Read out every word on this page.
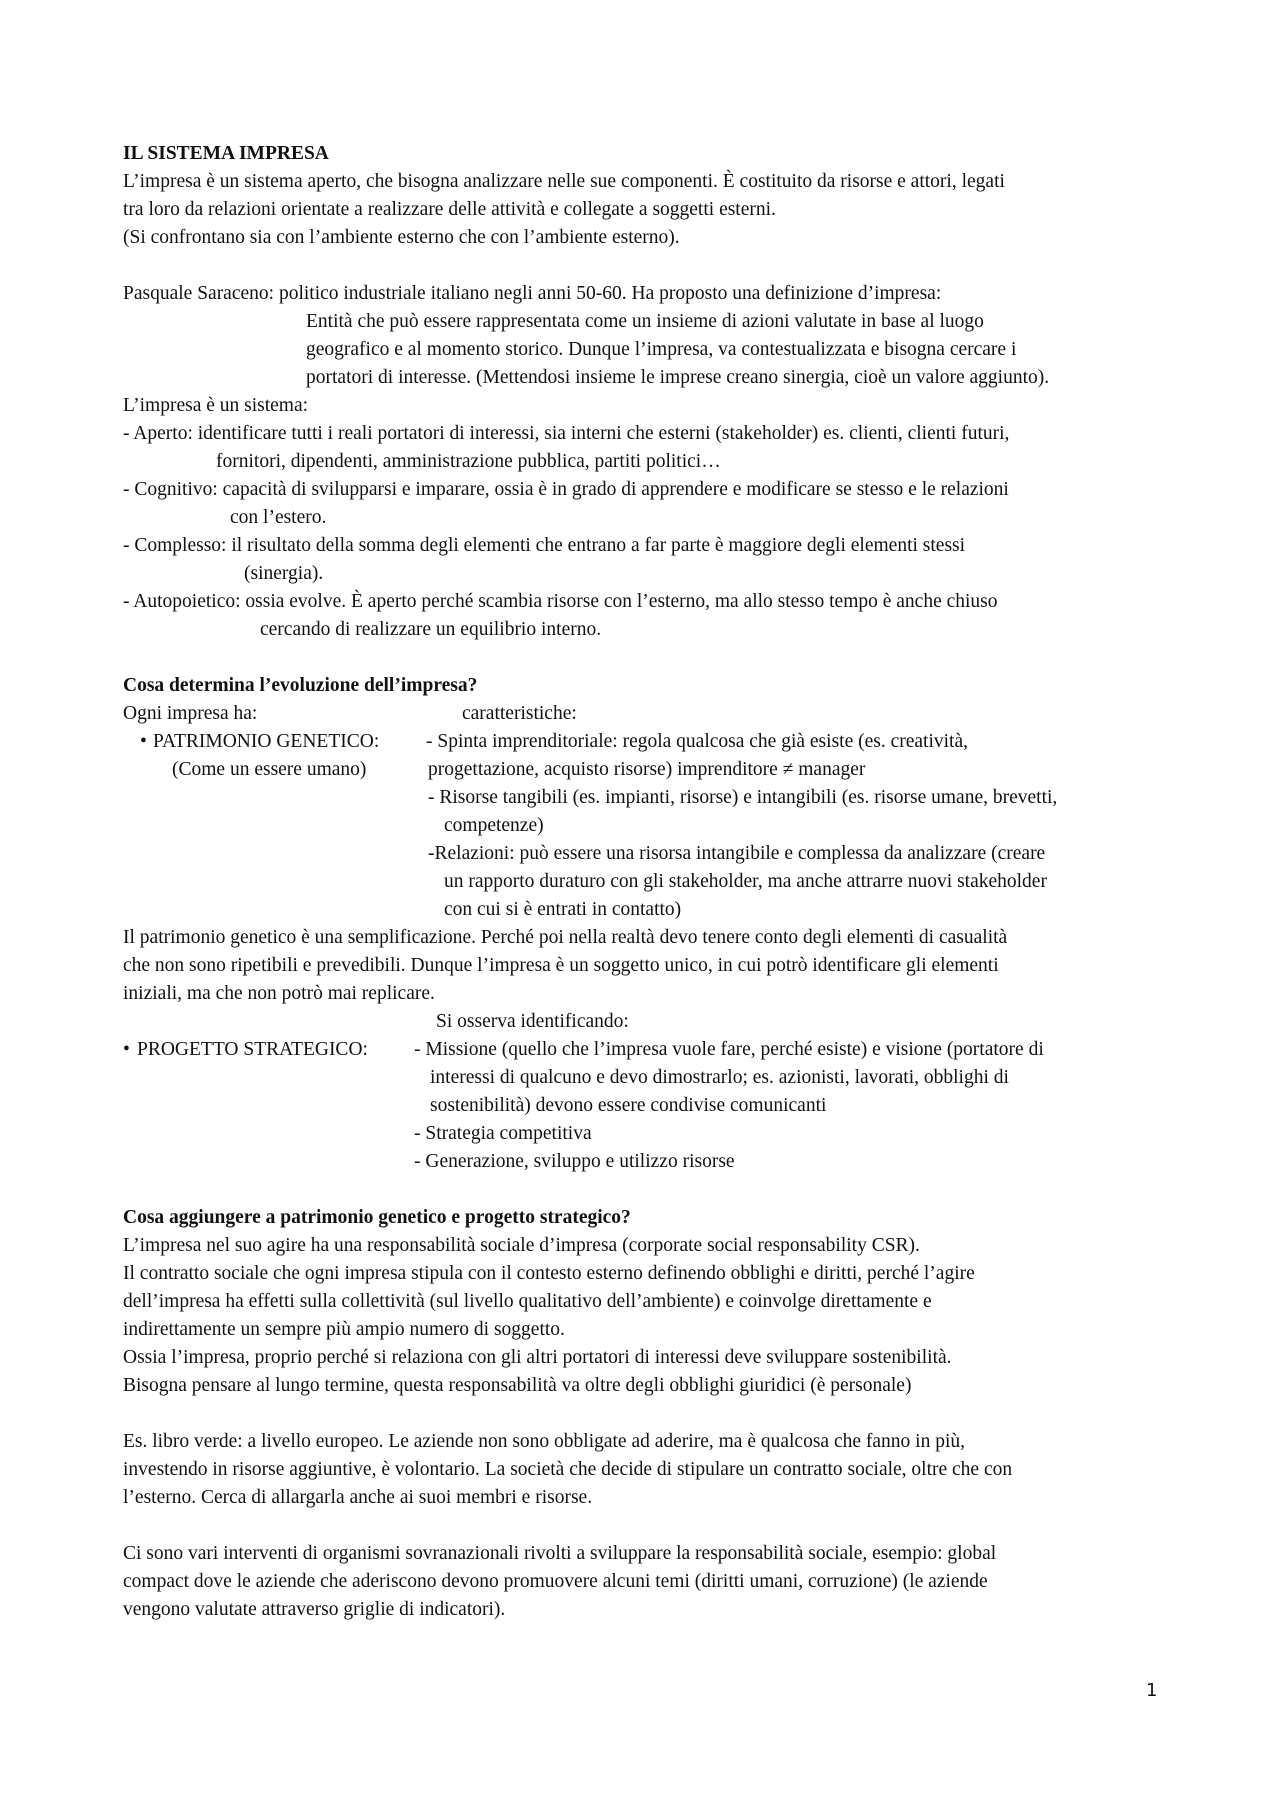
IL SISTEMA IMPRESA
L’impresa è un sistema aperto, che bisogna analizzare nelle sue componenti. È costituito da risorse e attori, legati
tra loro da relazioni orientate a realizzare delle attività e collegate a soggetti esterni.
(Si confrontano sia con l’ambiente esterno che con l’ambiente esterno).
Pasquale Saraceno: politico industriale italiano negli anni 50-60. Ha proposto una definizione d’impresa:
Entità che può essere rappresentata come un insieme di azioni valutate in base al luogo
geografico e al momento storico. Dunque l’impresa, va contestualizzata e bisogna cercare i
portatori di interesse. (Mettendosi insieme le imprese creano sinergia, cioè un valore aggiunto).
L’impresa è un sistema:
- Aperto: identificare tutti i reali portatori di interessi, sia interni che esterni (stakeholder) es. clienti, clienti futuri,
fornitori, dipendenti, amministrazione pubblica, partiti politici…
- Cognitivo: capacità di svilupparsi e imparare, ossia è in grado di apprendere e modificare se stesso e le relazioni
con l’estero.
- Complesso: il risultato della somma degli elementi che entrano a far parte è maggiore degli elementi stessi
(sinergia).
- Autopoietico: ossia evolve. È aperto perché scambia risorse con l’esterno, ma allo stesso tempo è anche chiuso
cercando di realizzare un equilibrio interno.
Cosa determina l’evoluzione dell’impresa?
Ogni impresa ha:	caratteristiche:
• PATRIMONIO GENETICO: - Spinta imprenditoriale: regola qualcosa che già esiste (es. creatività,
(Come un essere umano)	progettazione, acquisto risorse) imprenditore ≠ manager
- Risorse tangibili (es. impianti, risorse) e intangibili (es. risorse umane, brevetti,
competenze)
-Relazioni: può essere una risorsa intangibile e complessa da analizzare (creare
un rapporto duraturo con gli stakeholder, ma anche attrarre nuovi stakeholder
con cui si è entrati in contatto)
Il patrimonio genetico è una semplificazione. Perché poi nella realtà devo tenere conto degli elementi di casualità
che non sono ripetibili e prevedibili. Dunque l’impresa è un soggetto unico, in cui potrò identificare gli elementi
iniziali, ma che non potrò mai replicare.
Si osserva identificando:
• PROGETTO STRATEGICO: - Missione (quello che l’impresa vuole fare, perché esiste) e visione (portatore di
interessi di qualcuno e devo dimostrarlo; es. azionisti, lavorati, obblighi di
sostenibilità) devono essere condivise comunicanti
- Strategia competitiva
- Generazione, sviluppo e utilizzo risorse
Cosa aggiungere a patrimonio genetico e progetto strategico?
L’impresa nel suo agire ha una responsabilità sociale d’impresa (corporate social responsability CSR).
Il contratto sociale che ogni impresa stipula con il contesto esterno definendo obblighi e diritti, perché l’agire
dell’impresa ha effetti sulla collettività (sul livello qualitativo dell’ambiente) e coinvolge direttamente e
indirettamente un sempre più ampio numero di soggetto.
Ossia l’impresa, proprio perché si relaziona con gli altri portatori di interessi deve sviluppare sostenibilità.
Bisogna pensare al lungo termine, questa responsabilità va oltre degli obblighi giuridici (è personale)
Es. libro verde: a livello europeo. Le aziende non sono obbligate ad aderire, ma è qualcosa che fanno in più,
investendo in risorse aggiuntive, è volontario. La società che decide di stipulare un contratto sociale, oltre che con
l’esterno. Cerca di allargarla anche ai suoi membri e risorse.
Ci sono vari interventi di organismi sovranazionali rivolti a sviluppare la responsabilità sociale, esempio: global
compact dove le aziende che aderiscono devono promuovere alcuni temi (diritti umani, corruzione) (le aziende
vengono valutate attraverso griglie di indicatori).
1
